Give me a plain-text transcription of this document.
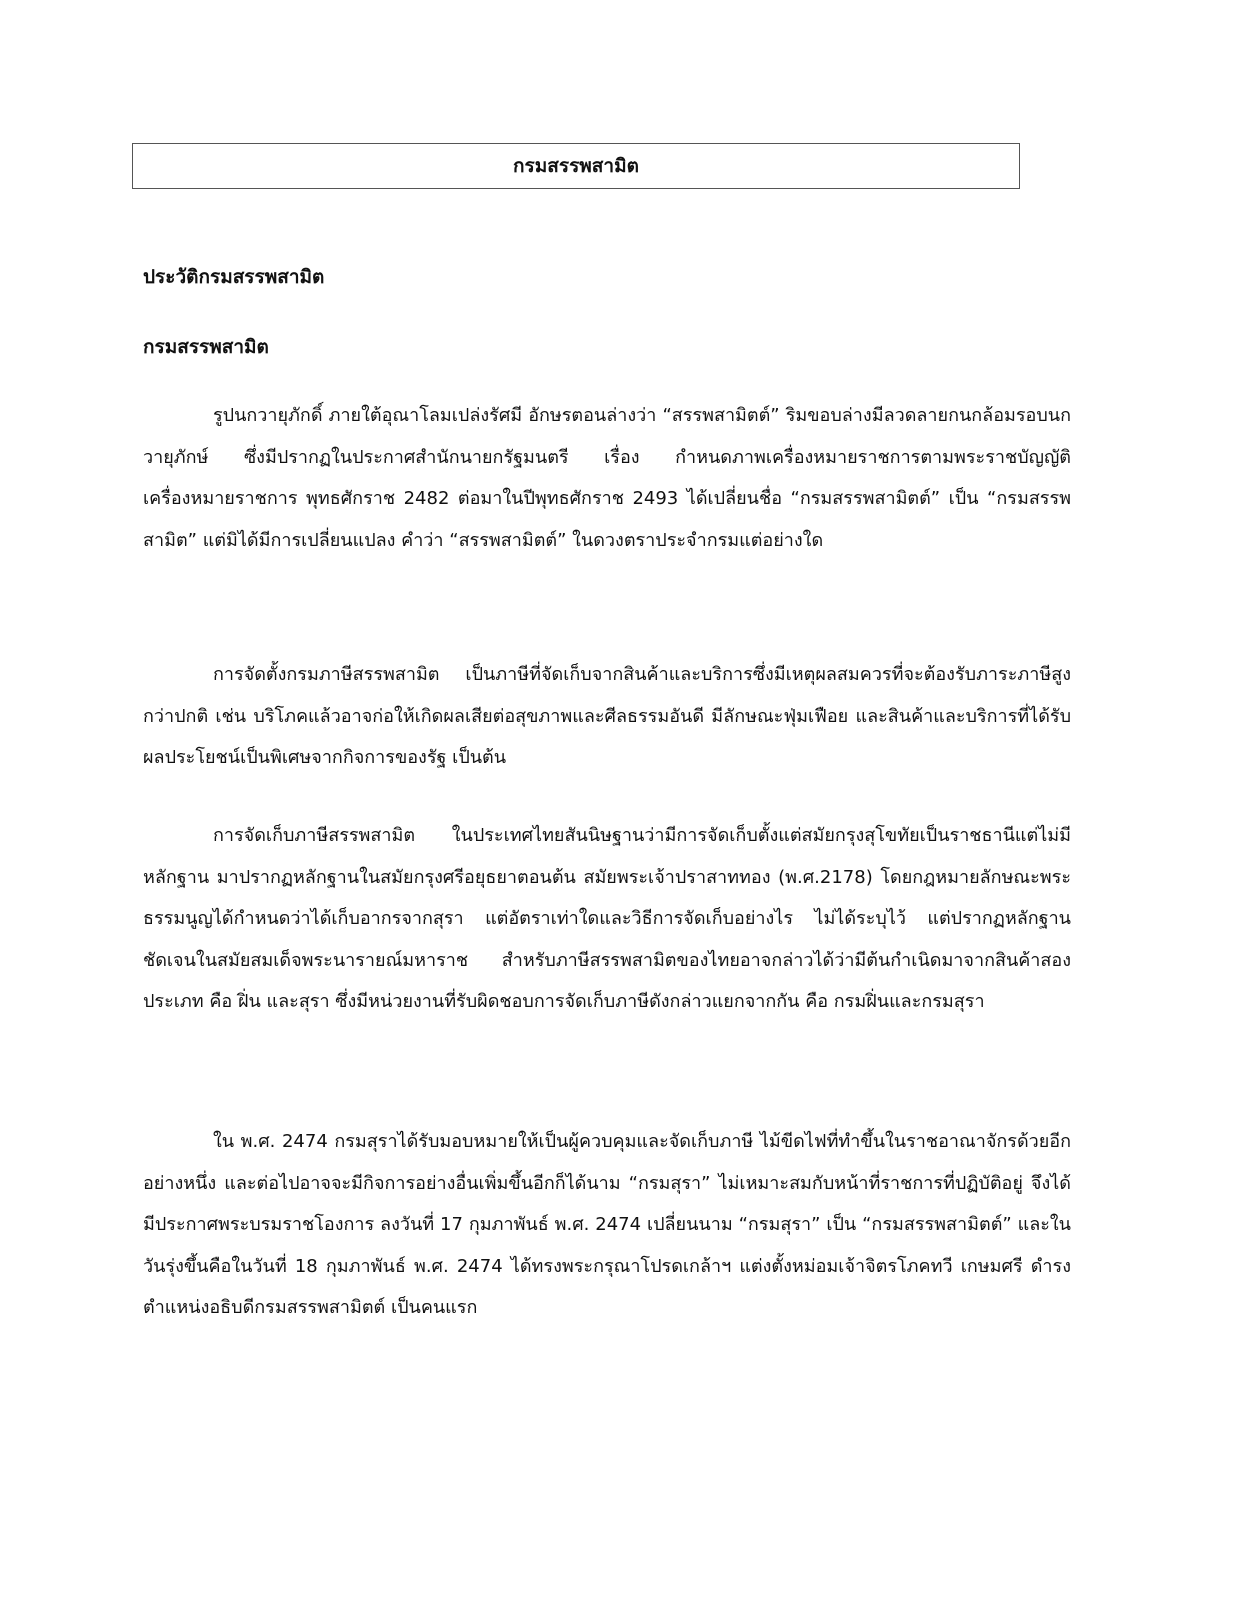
กรมสรรพสามิต
ประวัติกรมสรรพสามิต
กรมสรรพสามิต

รูปนกวายุภักดิ์ ภายใต้อุณาโลมเปล่งรัศมี อักษรตอนล่างว่า “สรรพสามิตต์” ริมขอบล่างมีลวดลายกนกล้อมรอบนกวายุภักษ์ ซึ่งมีปรากฏในประกาศสำนักนายกรัฐมนตรี เรื่อง กำหนดภาพเครื่องหมายราชการตามพระราชบัญญัติเครื่องหมายราชการ พุทธศักราช 2482 ต่อมาในปีพุทธศักราช 2493 ได้เปลี่ยนชื่อ “กรมสรรพสามิตต์” เป็น “กรมสรรพสามิต” แต่มิได้มีการเปลี่ยนแปลง คำว่า “สรรพสามิตต์” ในดวงตราประจำกรมแต่อย่างใด

การจัดตั้งกรมภาษีสรรพสามิต เป็นภาษีที่จัดเก็บจากสินค้าและบริการซึ่งมีเหตุผลสมควรที่จะต้องรับภาระภาษีสูงกว่าปกติ เช่น บริโภคแล้วอาจก่อให้เกิดผลเสียต่อสุขภาพและศีลธรรมอันดี มีลักษณะฟุ่มเฟือย และสินค้าและบริการที่ได้รับผลประโยชน์เป็นพิเศษจากกิจการของรัฐ เป็นต้น

การจัดเก็บภาษีสรรพสามิต ในประเทศไทยสันนิษฐานว่ามีการจัดเก็บตั้งแต่สมัยกรุงสุโขทัยเป็นราชธานีแต่ไม่มีหลักฐาน มาปรากฏหลักฐานในสมัยกรุงศรีอยุธยาตอนต้น สมัยพระเจ้าปราสาททอง (พ.ศ.2178) โดยกฎหมายลักษณะพระธรรมนูญได้กำหนดว่าได้เก็บอากรจากสุรา แต่อัตราเท่าใดและวิธีการจัดเก็บอย่างไร ไม่ได้ระบุไว้ แต่ปรากฏหลักฐานชัดเจนในสมัยสมเด็จพระนารายณ์มหาราช สำหรับภาษีสรรพสามิตของไทยอาจกล่าวได้ว่ามีต้นกำเนิดมาจากสินค้าสองประเภท คือ ฝิ่น และสุรา ซึ่งมีหน่วยงานที่รับผิดชอบการจัดเก็บภาษีดังกล่าวแยกจากกัน คือ กรมฝิ่นและกรมสุรา

ใน พ.ศ. 2474 กรมสุราได้รับมอบหมายให้เป็นผู้ควบคุมและจัดเก็บภาษี ไม้ขีดไฟที่ทำขึ้นในราชอาณาจักรด้วยอีกอย่างหนึ่ง และต่อไปอาจจะมีกิจการอย่างอื่นเพิ่มขึ้นอีกก็ได้นาม “กรมสุรา” ไม่เหมาะสมกับหน้าที่ราชการที่ปฏิบัติอยู่ จึงได้มีประกาศพระบรมราชโองการ ลงวันที่ 17 กุมภาพันธ์ พ.ศ. 2474 เปลี่ยนนาม “กรมสุรา” เป็น “กรมสรรพสามิตต์” และในวันรุ่งขึ้นคือในวันที่ 18 กุมภาพันธ์ พ.ศ. 2474 ได้ทรงพระกรุณาโปรดเกล้าฯ แต่งตั้งหม่อมเจ้าจิตรโภคทวี เกษมศรี ดำรงตำแหน่งอธิบดีกรมสรรพสามิตต์ เป็นคนแรก
